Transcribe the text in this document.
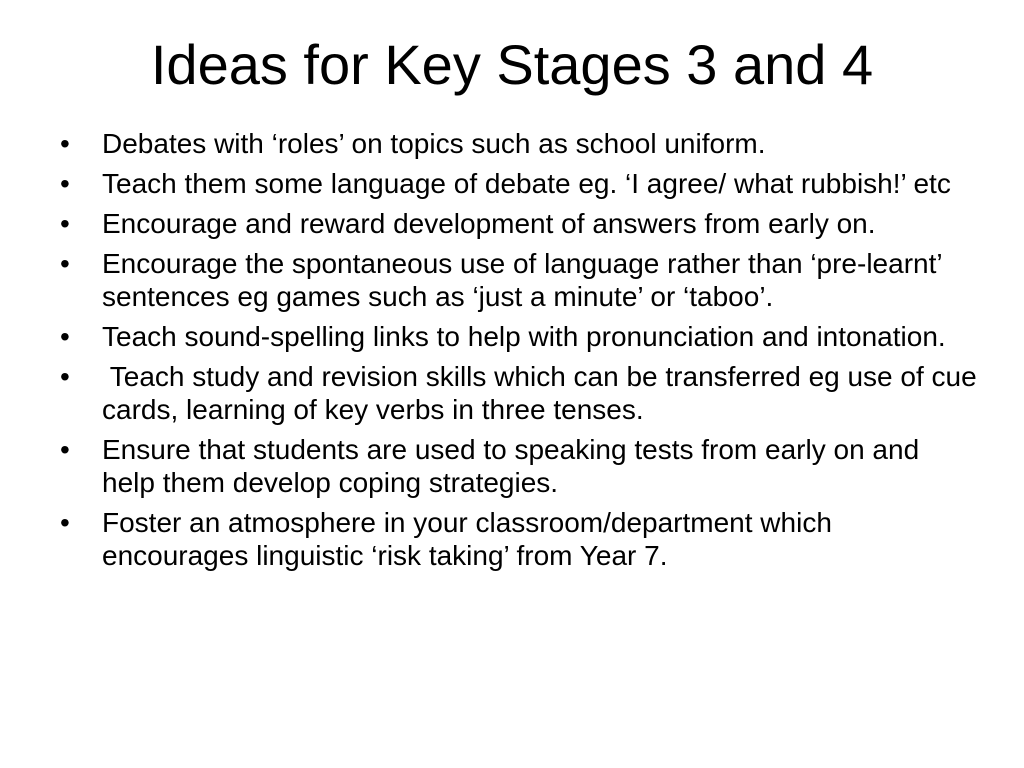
Ideas for Key Stages 3 and 4
•	Debates with ‘roles’ on topics such as school uniform.
•	Teach them some language of debate eg. ‘I agree/ what rubbish!’ etc
•	Encourage and reward development of answers from early on.
•	Encourage the spontaneous use of language rather than ‘pre-learnt’ sentences eg games such as ‘just a minute’ or ‘taboo’.
•	Teach sound-spelling links to help with pronunciation and intonation.
•	Teach study and revision skills which can be transferred eg use of cue cards, learning of key verbs in three tenses.
•	Ensure that students are used to speaking tests from early on and help them develop coping strategies.
•	Foster an atmosphere in your classroom/department which encourages linguistic ‘risk taking’ from Year 7.
